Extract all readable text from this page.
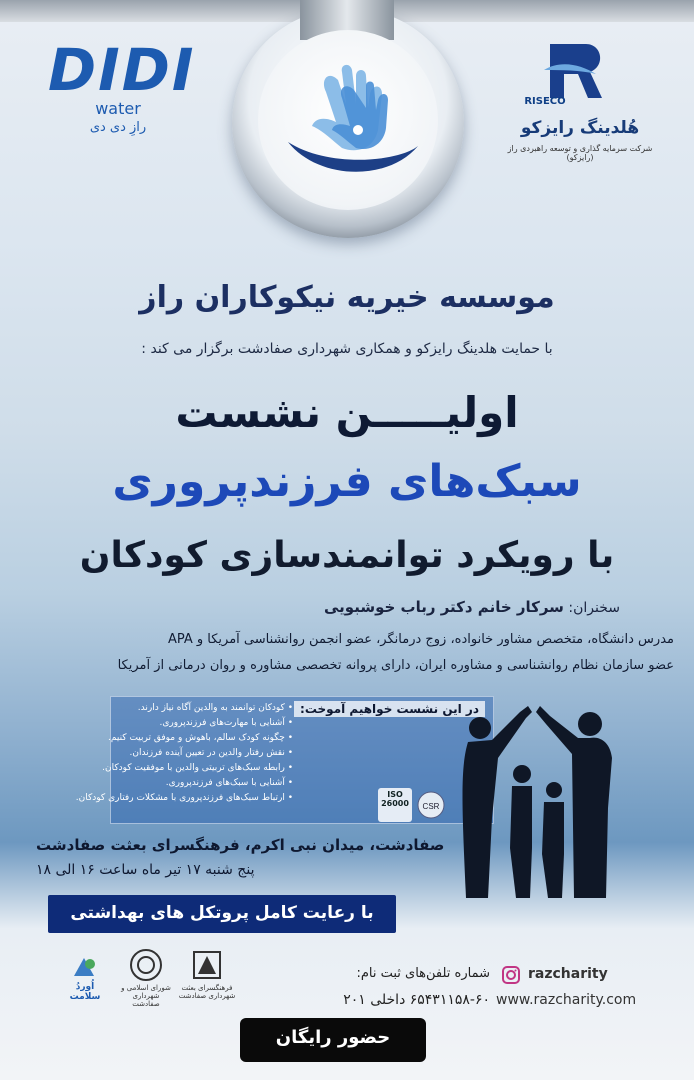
DIDI
water
رازِ دی دی
RISECO
هُلدینگ رایزکو
شرکت سرمایه گذاری و توسعه راهبردی راز (رایزکو)
موسسه خیریه نیکوکاران راز
با حمایت هلدینگ رایزکو و همکاری شهرداری صفادشت برگزار می کند :
اولیـــــن نشست
سبک‌های فرزندپروری
با رویکرد توانمندسازی کودکان
سخنران: سرکار خانم دکتر رباب خوشبویی
مدرس دانشگاه، متخصص مشاور خانواده، زوج درمانگر، عضو انجمن روانشناسی آمریکا و APA
عضو سازمان نظام روانشناسی و مشاوره ایران، دارای پروانه تخصصی مشاوره و روان درمانی از آمریکا
در این نشست خواهیم آموخت:
• کودکان توانمند به والدین آگاه نیاز دارند.
• آشنایی با مهارت‌های فرزندپروری.
• چگونه کودک سالم، باهوش و موفق تربیت کنیم.
• نقش رفتار والدین در تعیین آینده فرزندان.
• رابطه سبک‌های تربیتی والدین با موفقیت کودکان.
• آشنایی با سبک‌های فرزندپروری.
• ارتباط سبک‌های فرزندپروری با مشکلات رفتاری کودکان.	ISO
26000	CSR
صفادشت، میدان نبی اکرم، فرهنگسرای بعثت صفادشت
پنج شنبه ۱۷ تیر ماه ساعت ۱۶ الی ۱۸
با رعایت کامل پروتکل های بهداشتی
اُوردُ سلامت
شورای اسلامی و شهرداری صفادشت
فرهنگسرای بعثت شهرداری صفادشت
شماره تلفن‌های ثبت نام:
۶۵۴۳۱۱۵۸-۶۰ داخلی ۲۰۱
razcharity
www.razcharity.com
حضور رایگان
